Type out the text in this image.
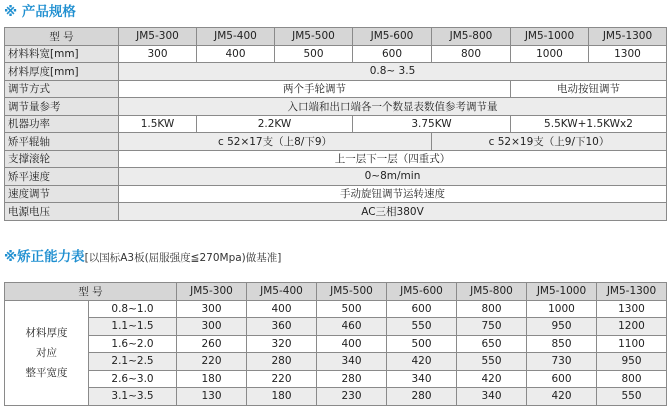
※ 产品规格
型 号	JM5-300	JM5-400	JM5-500	JM5-600	JM5-800	JM5-1000	JM5-1300
材料料宽[mm]	300	400	500	600	800	1000	1300
材料厚度[mm]	0.8~ 3.5						
调节方式	两个手轮调节					电动按钮调节	
调节量参考	入口端和出口端各一个数显表数值参考调节量						
机器功率	1.5KW	2.2KW		3.75KW		5.5KW+1.5KWx2	
矫平辊轴	c 52×17支（上8/下9）				c 52×19支（上9/下10）		
支撑滚轮	上一层下一层（四重式）						
矫平速度	0~8m/min						
速度调节	手动旋钮调节运转速度						
电源电压	AC三相380V						
※矫正能力表[以国标A3板(屈服强度≦270Mpa)做基准]
型 号		JM5-300	JM5-400	JM5-500	JM5-600	JM5-800	JM5-1000	JM5-1300

材料厚度
对应
整平宽度	0.8~1.0	300	400	500	600	800	1000	1300
	1.1~1.5	300	360	460	550	750	950	1200
	1.6~2.0	260	320	400	500	650	850	1100
	2.1~2.5	220	280	340	420	550	730	950
	2.6~3.0	180	220	280	340	420	600	800
	3.1~3.5	130	180	230	280	340	420	550
